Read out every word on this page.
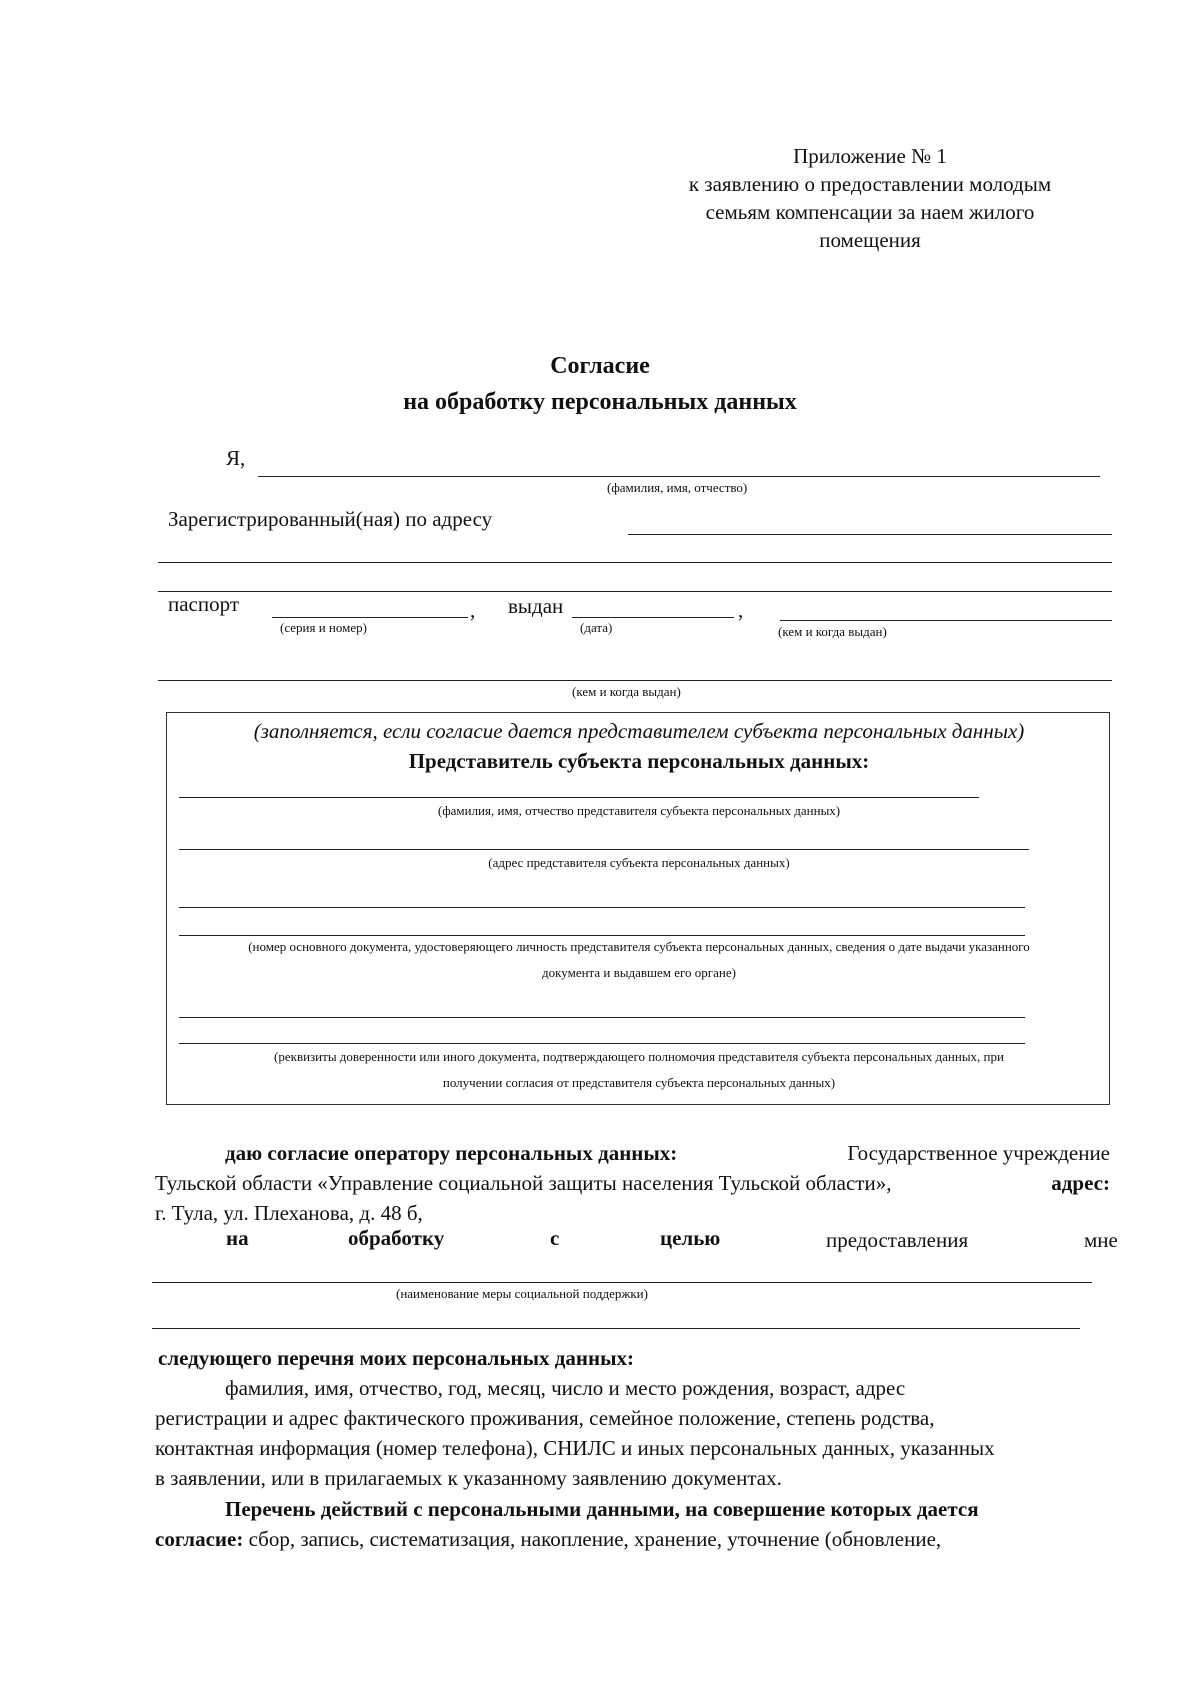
Приложение № 1
к заявлению о предоставлении молодым
семьям компенсации за наем жилого
помещения
Согласие
на обработку персональных данных
Я,
(фамилия, имя, отчество)
Зарегистрированный(ная) по адресу
паспорт	,
(серия и номер)
выдан	,
(дата)	(кем и когда выдан)
(кем и когда выдан)
(заполняется, если согласие дается представителем субъекта персональных данных)
Представитель субъекта персональных данных:
(фамилия, имя, отчество представителя субъекта персональных данных)
(адрес представителя субъекта персональных данных)
(номер основного документа, удостоверяющего личность представителя субъекта персональных данных, сведения о дате выдачи указанного
документа и выдавшем его органе)
(реквизиты доверенности или иного документа, подтверждающего полномочия представителя субъекта персональных данных, при
получении согласия от представителя субъекта персональных данных)
даю согласие оператору персональных данных:	Государственное учреждение
Тульской области «Управление социальной защиты населения Тульской области»,	адрес:
г. Тула, ул. Плеханова, д. 48 б,
на	обработку	с	целью	предоставления	мне
(наименование меры социальной поддержки)
следующего перечня моих персональных данных:
фамилия, имя, отчество, год, месяц, число и место рождения, возраст, адрес
регистрации и адрес фактического проживания, семейное положение, степень родства,
контактная информация (номер телефона), СНИЛС и иных персональных данных, указанных
в заявлении, или в прилагаемых к указанному заявлению документах.
Перечень действий с персональными данными, на совершение которых дается
согласие: сбор, запись, систематизация, накопление, хранение, уточнение (обновление,
